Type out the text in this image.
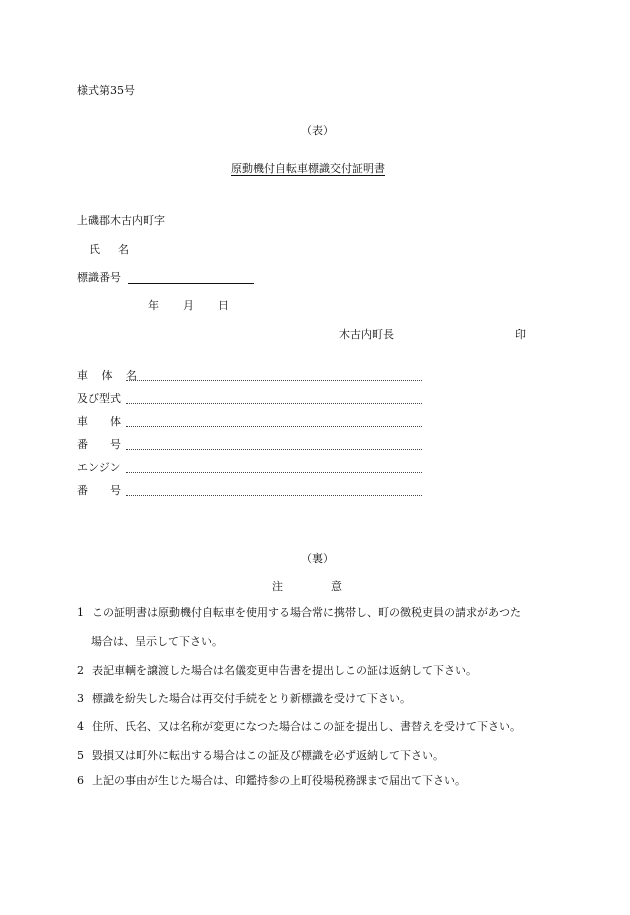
様式第35号
（表）
原動機付自転車標識交付証明書
上磯郡木古内町字
氏 名
標識番号
年 月 日
木古内町長	印
車 体 名
及び型式
車　　体
番　　号
エンジン
番　　号
（裏）
注	意
1 この証明書は原動機付自転車を使用する場合常に携帯し、町の徴税吏員の請求があつた
場合は、呈示して下さい。
2 表記車輌を譲渡した場合は名儀変更申告書を提出しこの証は返納して下さい。
3 標識を紛失した場合は再交付手続をとり新標識を受けて下さい。
4 住所、氏名、又は名称が変更になつた場合はこの証を提出し、書替えを受けて下さい。
5 毀損又は町外に転出する場合はこの証及び標識を必ず返納して下さい。
6 上記の事由が生じた場合は、印鑑持参の上町役場税務課まで届出て下さい。
